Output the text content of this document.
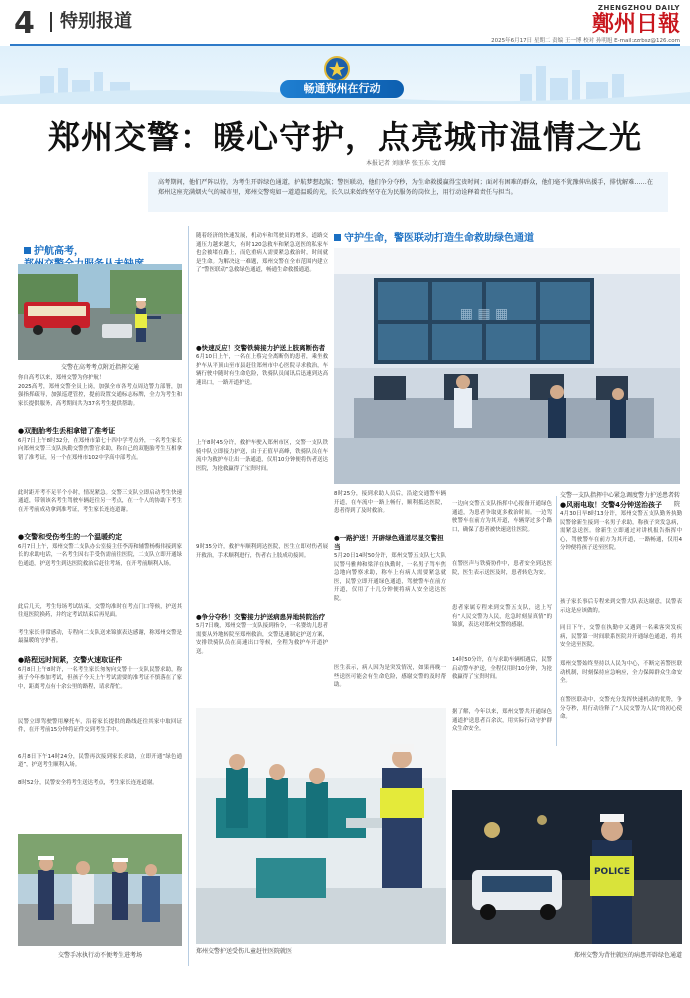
4	特别报道
ZHENGZHOU DAILY
鄭州日報
2025年6月17日 星期二 责编 王一博 校对 孙明旭 E-mail:zzrbsz@126.com
畅通郑州在行动
郑州交警：暖心守护，点亮城市温情之光
本报记者 刘康华 张玉东 文/图
高考期间，他们严阵以待，为考生开辟绿色通道，护航梦想起航；警医联动，他们争分夺秒，为生命救援赢得宝贵时间；面对有困难的群众，他们毫不犹豫伸出援手，排忧解难……在郑州这座充满烟火气的城市里，郑州交警宛如一道道温暖的光，长久以来始终坚守在为民服务的岗位上，用行动诠释着责任与担当。

护航高考，

交警在高考考点附近指挥交通
你自高考以来，郑州交警为你护航！
2025高考，郑州交警全员上岗，加强全市各考点周边警力部署，加强指挥疏导，加强巡逻管控，提前设置交通标志标牌，全力为考生和家长提供服务，高考期间共为37名考生提供帮助。
●双胞胎考生丢相拿错了准考证
6月7日上午8时32分，在郑州市第七十四中学考点外，一名考生家长向郑州交警三支队执勤交警焦警官求助，称自己的双胞胎考生互相拿错了准考证，另一个在郑州市102中学高中部考点。
此时距开考不足半个小时，情况紧急。交警三支队立即启动考生快速通道，带领该名考生驾驶车辆赶往另一考点，在一个人的协助下考生在开考前成功拿到准考证，考生家长连连道谢。
●交警和受伤考生的一个温暖约定
6月7日上午，郑州交警二支队办公室接主任李涛和辅警杨梅伟接到家长的求助电话，一名考生因右手受伤需前往医院，二支队立即开通绿色通道，护送考生到达医院救治后赶往考场，在开考前顺利入场。
此后几天，考生每场考试结束，交警均准时在考点门口等候，护送其往返医院换药，并约定考试结束后再见面。
考生家长非常感动，专程向二支队送来锦旗表达感谢，称郑州交警是最温暖的守护者。
●路程远时间紧，交警火速取证件
6月8日上午8时许，一名考生家长匆匆向交警十一支队民警求助，称孩子今年参加考试，但孩子今天上午考试需要的准考证不慎落在了家中，距离考点有十余公里的路程，请求帮忙。
民警立即驾驶警用摩托车，沿着家长提供的路线赶往其家中取回证件，在开考前15分钟将证件交到考生手中。
6月8日下午14时24分，民警再次接到家长求助，立即开通“绿色通道”，护送考生顺利入场。
8时52分，民警安全将考生送达考点，考生家长连连道谢。
交警手冰执行动不便考生进考场
守护生命，警医联动打造生命救助绿色通道
随着经济的快速发展，机动车和驾驶员的增多，道路交通压力越来越大，有时120急救车和紧急送医的私家车也会被堵在路上，而危重病人需要紧急救治时，时间就是生命。为解决这一难题，郑州交警在全市范围内建立了“警医联动”急救绿色通道，畅通生命救援通道。
●快速反应！交警铁骑接力护送上肢离断伤者
6月10日上午，一名在上蔡完全离断伤的患者，乘坐救护车从平顶山至市县赶往郑州市中心医院寻求救治，车辆行驶中随时有生命危险，铁骑队员闻讯后迅速到达高速出口，一路开道护送。
上午8时45分许，救护车驶入郑州市区，交警一支队铁骑中队立即接力护送，由于正值早高峰，铁骑队员在车流中为救护车让出一条通道，仅用10分钟便将伤者送达医院，为抢救赢得了宝贵时间。
9时35分许，救护车顺利到达医院，医生立即对伤者展开救治，手术顺利进行，伤者右上肢成功接回。
●争分夺秒！交警接力护送病患异地转院治疗
5月7日晚，郑州交警一支队接到指令，一名婴幼儿患者需要从外地转院至郑州救治，交警迅速制定护送方案，安排铁骑队员在高速出口等候，全程为救护车开道护送。
▦ ▦ ▦
交警一支队指挥中心紧急调度警力护送患者转院
8时25分，接到求助人员后，沿途交通警车辆开道，在车流中一路上畅行，顺利抵达医院，患者得到了及时救治。
●一路护送！开辟绿色通道尽显交警担当
5月20日14时50分许，郑州交警五支队七大队民警马雅帅和梁洋在执勤时，一名男子驾车焦急地向警察求助，称车上有病人需要紧急就医，民警立即开通绿色通道，驾驶警车在前方开道，仅用了十几分钟便将病人安全送达医院。
医生表示，病人因为是突发情况，如果再晚一些送医可能会有生命危险，感谢交警的及时帮助。
一边向交警五支队指挥中心报备开通绿色通道，为患者争取更多救治时间。一边驾驶警车在前方为其开道，车辆穿过多个路口，确保了患者被快速送往医院。
在警医声与铁骑协作中，患者安全到达医院，医生表示送医及时，患者转危为安。
患者家属专程来到交警五支队，送上写有“人民交警为人民，危急时刻显真情”的锦旗，表达对郑州交警的感谢。
14时50分许，在与求助车辆相遇后，民警启动警车护送，全程仅用时10分钟，为抢救赢得了宝贵时间。
据了解，今年以来，郑州交警共开通绿色通道护送患者百余次，用实际行动守护群众生命安全。
郑州交警护送受伤儿童赶往医院就医
●风雨电取！交警4分钟送治孩子
4月30日早8时13分许，郑州交警五支队勤务执勤民警徐新生接到一名男子求助，称孩子突发急病，需紧急送医。徐新生立即通过对讲机报告指挥中心，驾驶警车在前方为其开道，一路畅通，仅用4分钟便将孩子送至医院。
孩子家长事后专程来到交警大队表达谢意，民警表示这是应该做的。
同日下午，交警在执勤中又遇到一名乘客突发疾病，民警第一时间联系医院并开通绿色通道，将其安全送至医院。
郑州交警始终坚持以人民为中心，不断完善警医联动机制，时刻保持应急响应，全力保障群众生命安全。
在警医联动中，交警充分发挥快速机动的优势，争分夺秒，用行动诠释了“人民交警为人民”的初心使命。
POLICE
郑州交警为背往就医的病患开辟绿色通道
